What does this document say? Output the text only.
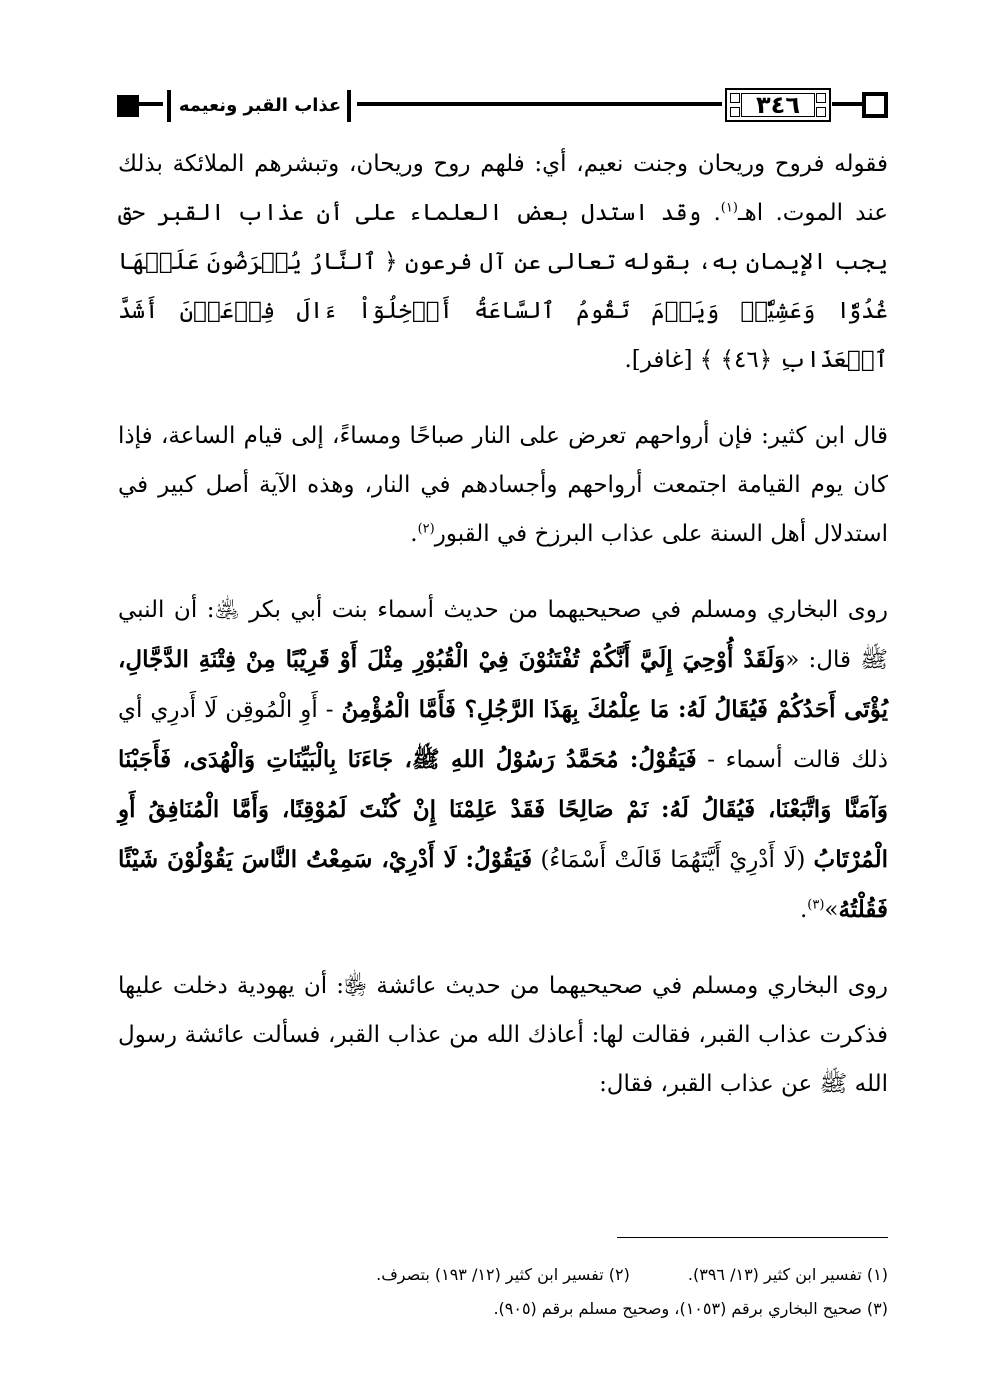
عذاب القبر ونعيمه	٣٤٦

فقوله فروح وريحان وجنت نعيم، أي: فلهم روح وريحان، وتبشرهم الملائكة بذلك عند الموت. اهـ$^{(١)}$. وقد استدل بعض العلماء على أن عذاب القبر حق يجب الإيمان به، بقوله تعالى عن آل فرعون ﴿ ٱلنَّارُ يُعۡرَضُونَ عَلَيۡهَا غُدُوّٗا وَعَشِيّٗاۚ وَيَوۡمَ تَقُومُ ٱلسَّاعَةُ أَدۡخِلُوٓاْ ءَالَ فِرۡعَوۡنَ أَشَدَّ ٱلۡعَذَابِ ﴿٤٦﴾ ﴾ [غافر].

قال ابن كثير: فإن أرواحهم تعرض على النار صباحًا ومساءً، إلى قيام الساعة، فإذا كان يوم القيامة اجتمعت أرواحهم وأجسادهم في النار، وهذه الآية أصل كبير في استدلال أهل السنة على عذاب البرزخ في القبور$^{(٢)}$.

روى البخاري ومسلم في صحيحيهما من حديث أسماء بنت أبي بكر ﵁: أن النبي ﷺ قال: «وَلَقَدْ أُوْحِيَ إِلَيَّ أَنَّكُمْ تُفْتَنُوْنَ فِيْ الْقُبُوْرِ مِثْلَ أَوْ قَرِيْبًا مِنْ فِتْنَةِ الدَّجَّالِ، يُؤْتَى أَحَدُكُمْ فَيُقَالُ لَهُ: مَا عِلْمُكَ بِهَذَا الرَّجُلِ؟ فَأَمَّا الْمُؤْمِنُ - أَوِ الْمُوقِن لَا أَدرِي أي ذلك قالت أسماء - فَيَقُوْلُ: مُحَمَّدُ رَسُوْلُ اللهِ ﷺ، جَاءَنَا بِالْبَيِّنَاتِ وَالْهُدَى، فَأَجَبْنَا وَآمَنَّا وَاتَّبَعْنَا، فَيُقَالُ لَهُ: نَمْ صَالِحًا فَقَدْ عَلِمْنَا إِنْ كُنْتَ لَمُوْقِنًا، وَأَمَّا الْمُنَافِقُ أَوِ الْمُرْتَابُ (لَا أَدْرِيْ أَيَّتَهُمَا قَالَتْ أَسْمَاءُ) فَيَقُوْلُ: لَا أَدْرِيْ، سَمِعْتُ النَّاسَ يَقُوْلُوْنَ شَيْئًا فَقُلْتُهُ»$^{(٣)}$.

روى البخاري ومسلم في صحيحيهما من حديث عائشة ﵂: أن يهودية دخلت عليها فذكرت عذاب القبر، فقالت لها: أعاذك الله من عذاب القبر، فسألت عائشة رسول الله ﷺ عن عذاب القبر، فقال:

(١) تفسير ابن كثير (١٣/ ٣٩٦).
(٢) تفسير ابن كثير (١٢/ ١٩٣) بتصرف.
(٣) صحيح البخاري برقم (١٠٥٣)، وصحيح مسلم برقم (٩٠٥).
